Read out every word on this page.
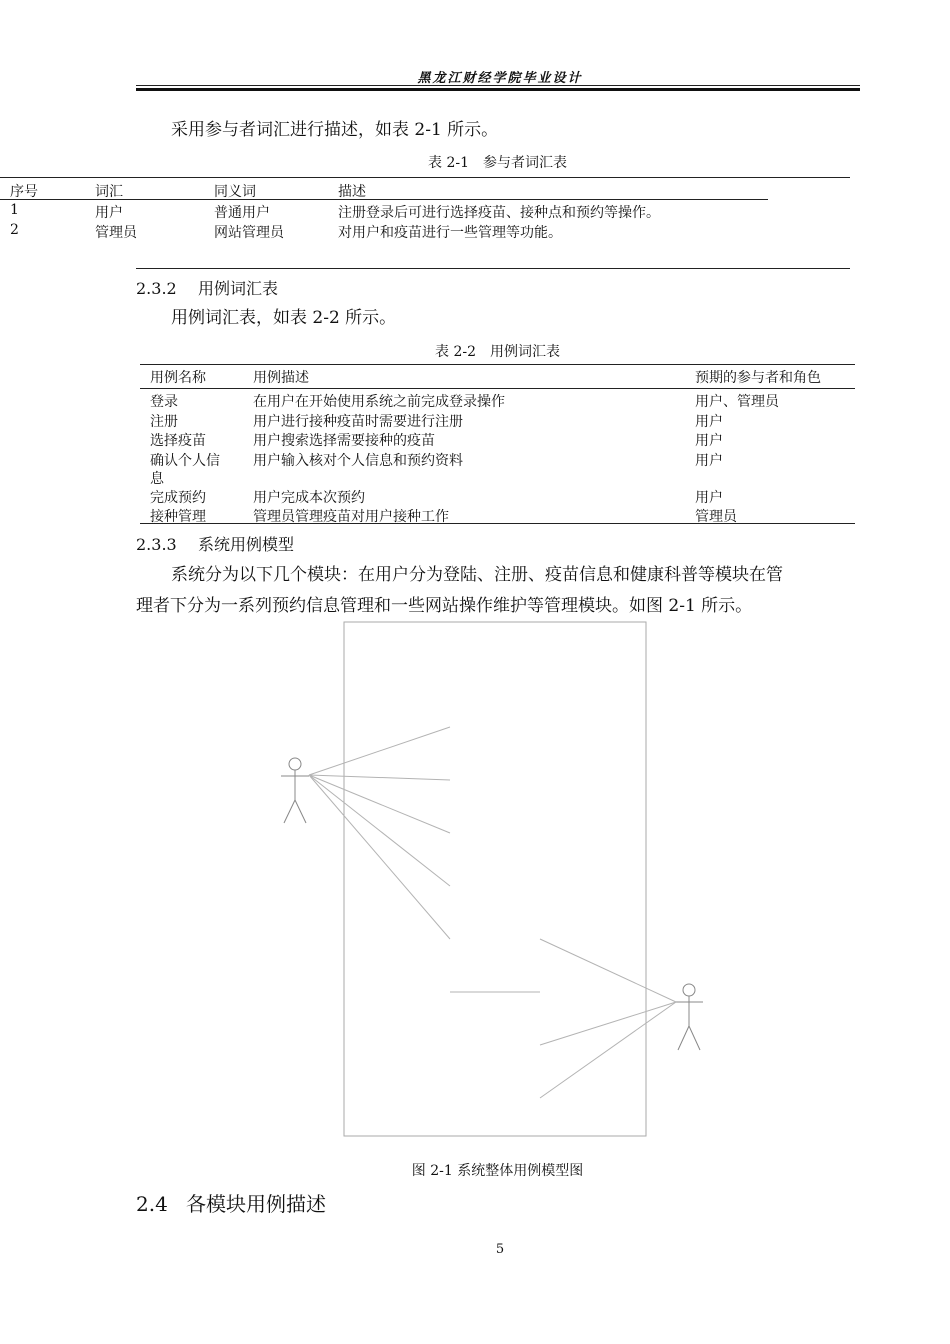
黑龙江财经学院毕业设计
采用参与者词汇进行描述，如表 2-1 所示。
表 2-1　参与者词汇表
序号	词汇	同义词	描述
1	用户	普通用户	注册登录后可进行选择疫苗、接种点和预约等操作。
2	管理员	网站管理员	对用户和疫苗进行一些管理等功能。
2.3.2 用例词汇表
用例词汇表，如表 2-2 所示。
表 2-2　用例词汇表
用例名称	用例描述	预期的参与者和角色
登录	在用户在开始使用系统之前完成登录操作	用户、管理员
注册	用户进行接种疫苗时需要进行注册	用户
选择疫苗	用户搜索选择需要接种的疫苗	用户
确认个人信
息
用户输入核对个人信息和预约资料	用户
完成预约	用户完成本次预约	用户
接种管理	管理员管理疫苗对用户接种工作	管理员
2.3.3 系统用例模型
系统分为以下几个模块：在用户分为登陆、注册、疫苗信息和健康科普等模块在管
理者下分为一系列预约信息管理和一些网站操作维护等管理模块。如图 2-1 所示。
图 2-1 系统整体用例模型图
2.4 各模块用例描述
5
